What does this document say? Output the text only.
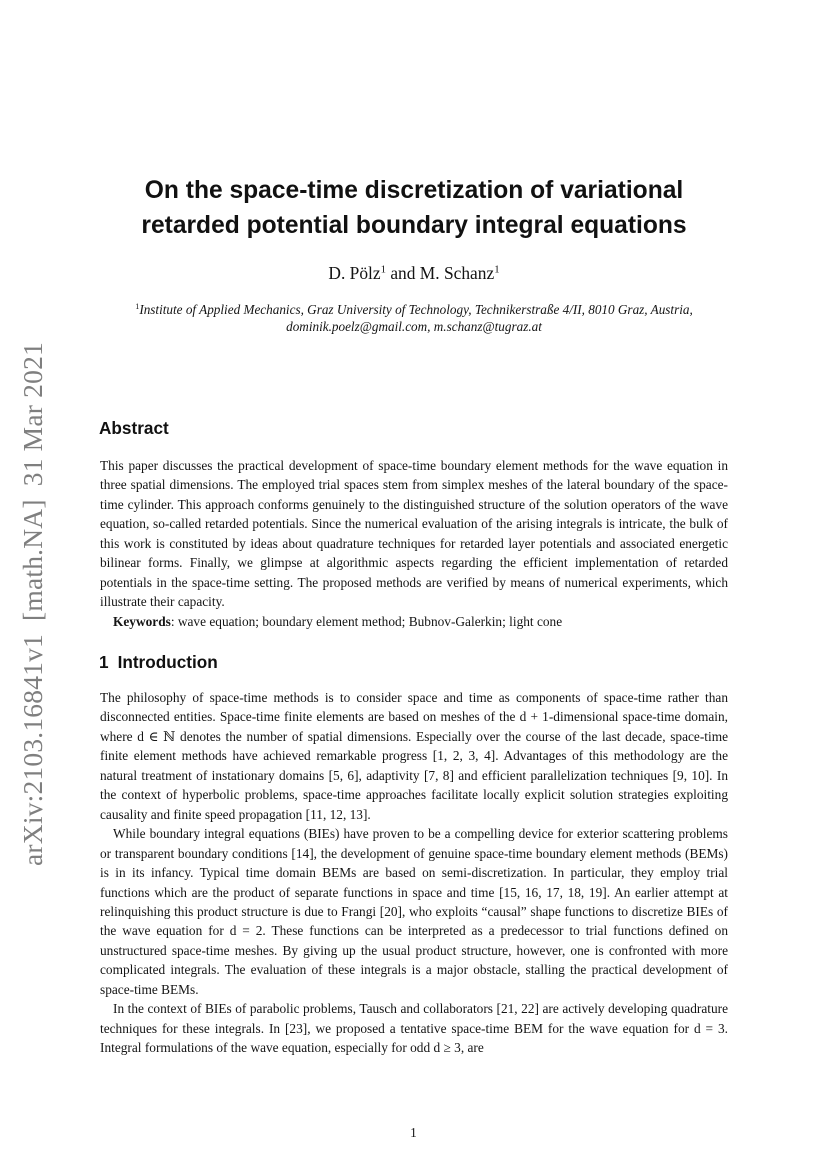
arXiv:2103.16841v1[math.NA]31 Mar 2021
On the space-time discretization of variational
retarded potential boundary integral equations
D. Pölz$^1$ and M. Schanz$^1$
$^1$Institute of Applied Mechanics, Graz University of Technology, Technikerstraße 4/II, 8010 Graz, Austria,
dominik.poelz@gmail.com, m.schanz@tugraz.at
Abstract

This paper discusses the practical development of space-time boundary element methods for the wave equation in three spatial dimensions. The employed trial spaces stem from simplex meshes of the lateral boundary of the space-time cylinder. This approach conforms genuinely to the distinguished structure of the solution operators of the wave equation, so-called retarded potentials. Since the numerical evaluation of the arising integrals is intricate, the bulk of this work is constituted by ideas about quadrature techniques for retarded layer potentials and associated energetic bilinear forms. Finally, we glimpse at algorithmic aspects regarding the efficient implementation of retarded potentials in the space-time setting. The proposed methods are verified by means of numerical experiments, which illustrate their capacity.

Keywords: wave equation; boundary element method; Bubnov-Galerkin; light cone

1 Introduction

The philosophy of space-time methods is to consider space and time as components of space-time rather than disconnected entities. Space-time finite elements are based on meshes of the d + 1-dimensional space-time domain, where d ∈ ℕ denotes the number of spatial dimensions. Especially over the course of the last decade, space-time finite element methods have achieved remarkable progress [1, 2, 3, 4]. Advantages of this methodology are the natural treatment of instationary domains [5, 6], adaptivity [7, 8] and efficient parallelization techniques [9, 10]. In the context of hyperbolic problems, space-time approaches facilitate locally explicit solution strategies exploiting causality and finite speed propagation [11, 12, 13].

While boundary integral equations (BIEs) have proven to be a compelling device for exterior scattering problems or transparent boundary conditions [14], the development of genuine space-time boundary element methods (BEMs) is in its infancy. Typical time domain BEMs are based on semi-discretization. In particular, they employ trial functions which are the product of separate functions in space and time [15, 16, 17, 18, 19]. An earlier attempt at relinquishing this product structure is due to Frangi [20], who exploits “causal” shape functions to discretize BIEs of the wave equation for d = 2. These functions can be interpreted as a predecessor to trial functions defined on unstructured space-time meshes. By giving up the usual product structure, however, one is confronted with more complicated integrals. The evaluation of these integrals is a major obstacle, stalling the practical development of space-time BEMs.

In the context of BIEs of parabolic problems, Tausch and collaborators [21, 22] are actively developing quadrature techniques for these integrals. In [23], we proposed a tentative space-time BEM for the wave equation for d = 3. Integral formulations of the wave equation, especially for odd d ≥ 3, are

1
